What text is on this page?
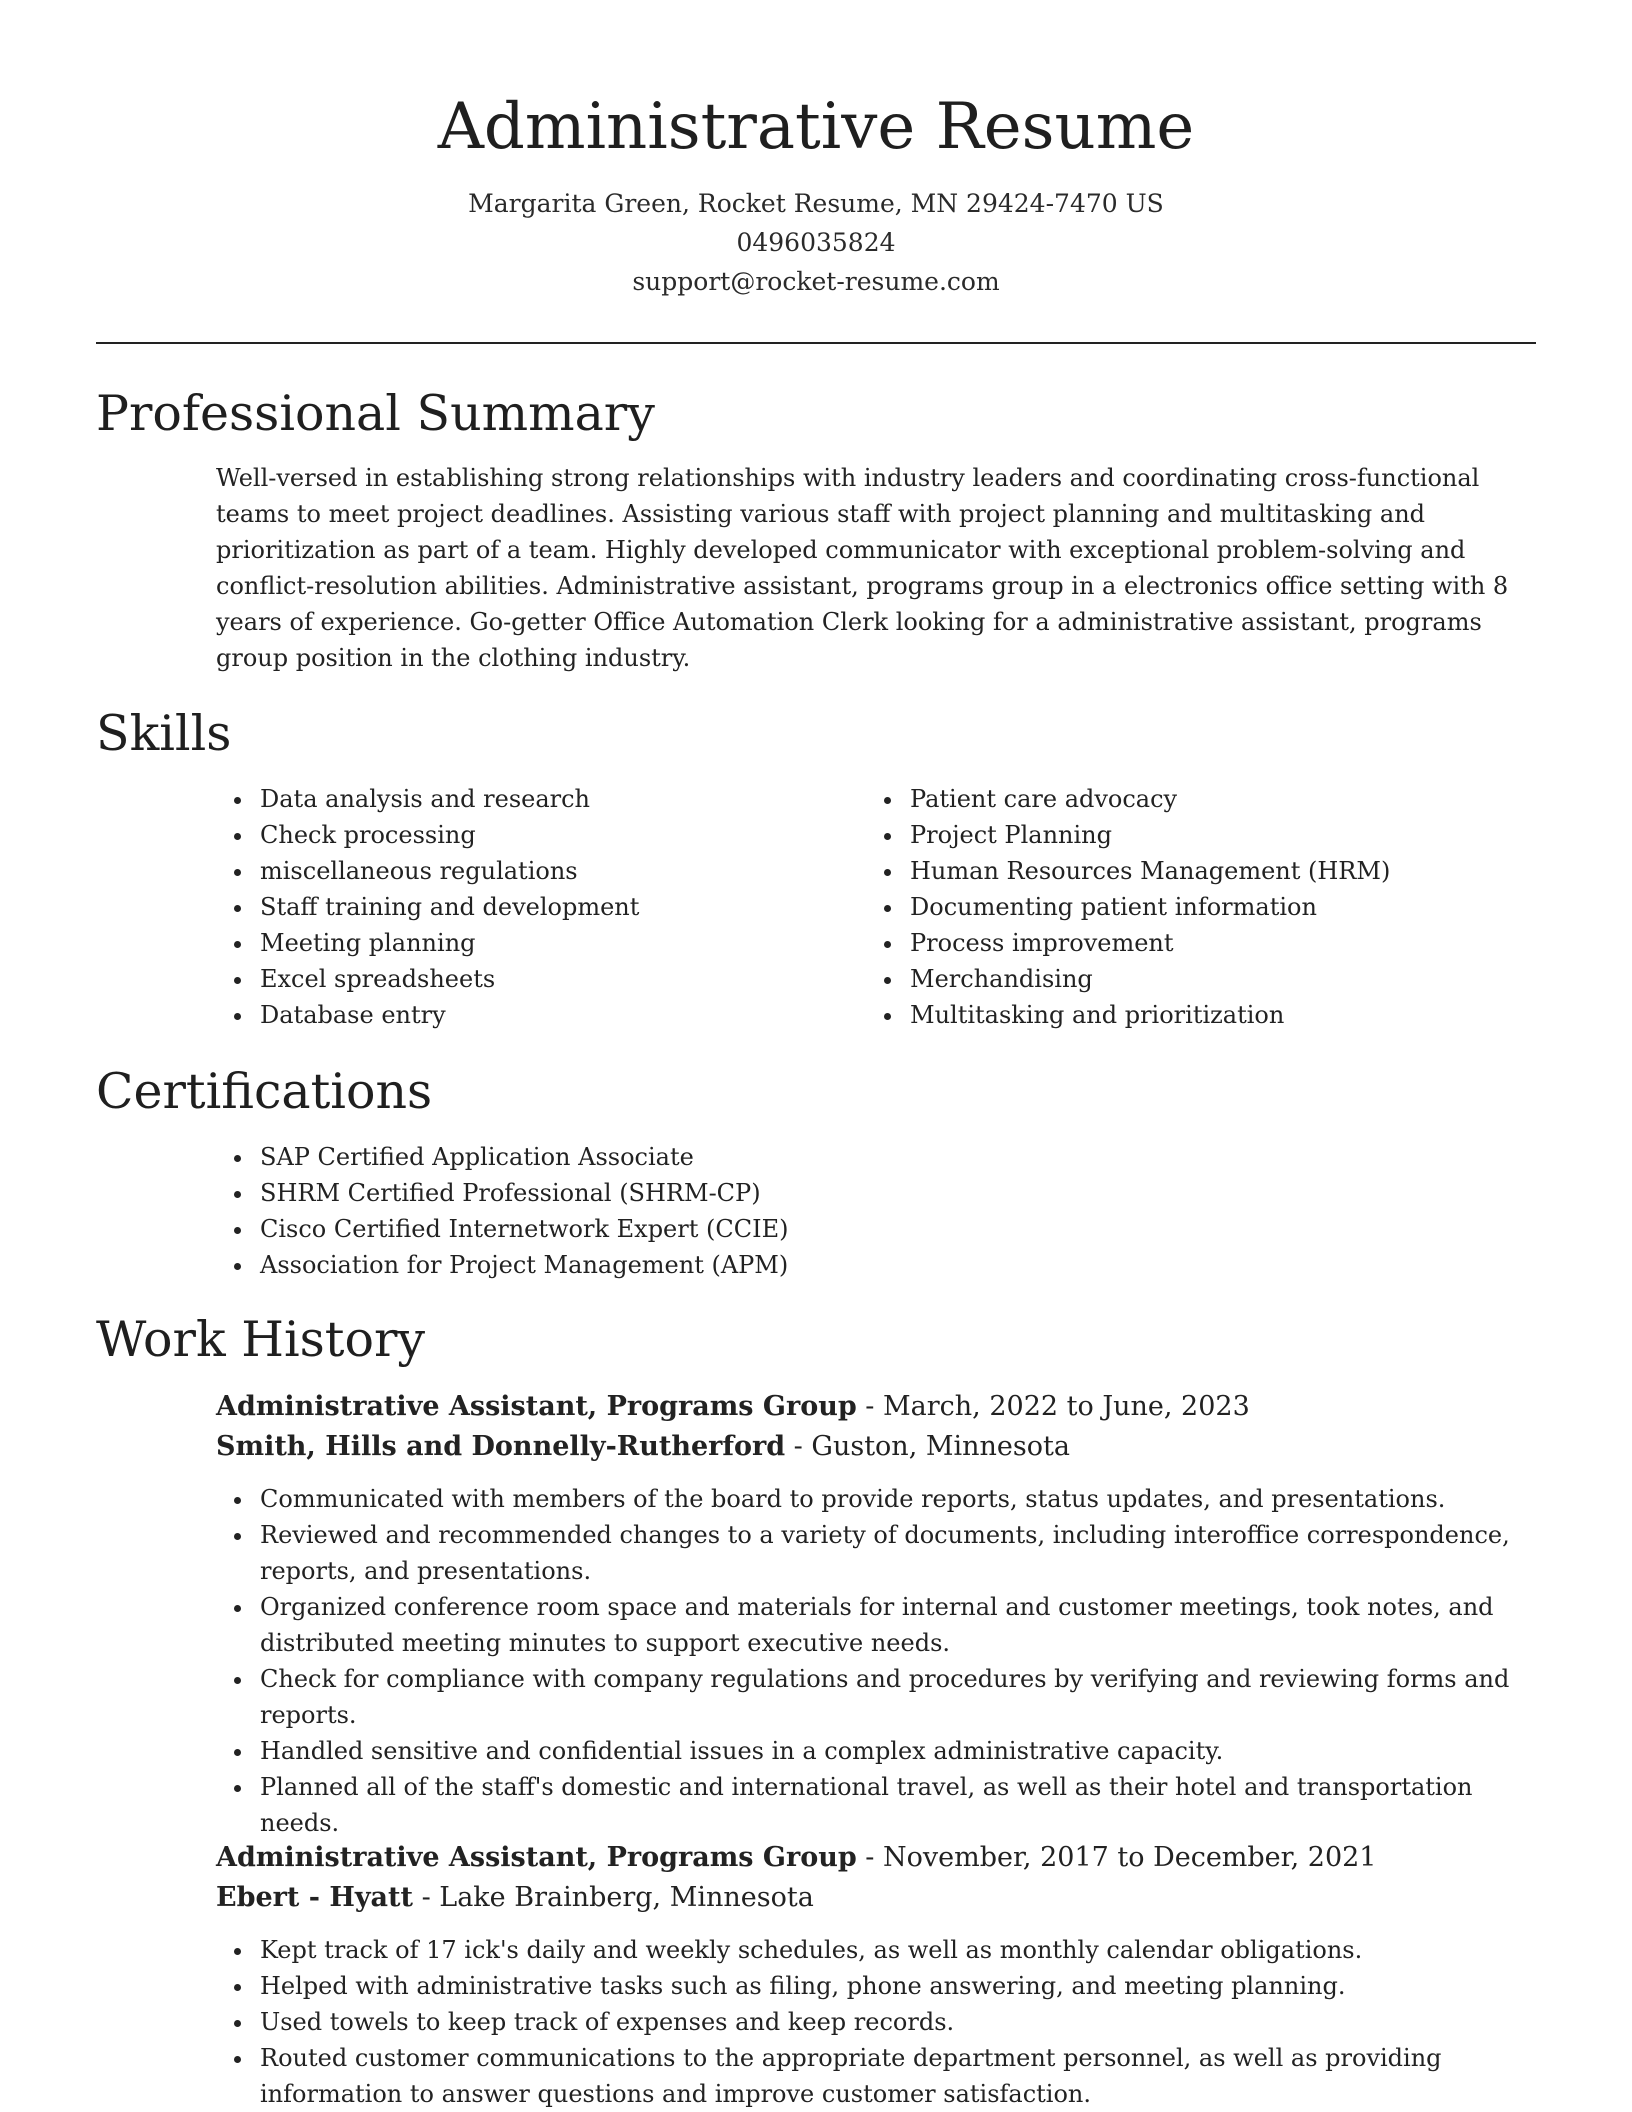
Administrative Resume
Margarita Green, Rocket Resume, MN 29424-7470 US
0496035824
support@rocket-resume.com
Professional Summary

Well-versed in establishing strong relationships with industry leaders and coordinating cross-functional teams to meet project deadlines. Assisting various staff with project planning and multitasking and prioritization as part of a team. Highly developed communicator with exceptional problem-solving and conflict-resolution abilities. Administrative assistant, programs group in a electronics office setting with 8 years of experience. Go-getter Office Automation Clerk looking for a administrative assistant, programs group position in the clothing industry.

Skills
Data analysis and research
Check processing
miscellaneous regulations
Staff training and development
Meeting planning
Excel spreadsheets
Database entry
Patient care advocacy
Project Planning
Human Resources Management (HRM)
Documenting patient information
Process improvement
Merchandising
Multitasking and prioritization
Certifications
SAP Certified Application Associate
SHRM Certified Professional (SHRM-CP)
Cisco Certified Internetwork Expert (CCIE)
Association for Project Management (APM)
Work History
Administrative Assistant, Programs Group - March, 2022 to June, 2023
Smith, Hills and Donnelly-Rutherford - Guston, Minnesota
Communicated with members of the board to provide reports, status updates, and presentations.
Reviewed and recommended changes to a variety of documents, including interoffice correspondence, reports, and presentations.
Organized conference room space and materials for internal and customer meetings, took notes, and distributed meeting minutes to support executive needs.
Check for compliance with company regulations and procedures by verifying and reviewing forms and reports.
Handled sensitive and confidential issues in a complex administrative capacity.
Planned all of the staff's domestic and international travel, as well as their hotel and transportation needs.
Administrative Assistant, Programs Group - November, 2017 to December, 2021
Ebert - Hyatt - Lake Brainberg, Minnesota
Kept track of 17 ick's daily and weekly schedules, as well as monthly calendar obligations.
Helped with administrative tasks such as filing, phone answering, and meeting planning.
Used towels to keep track of expenses and keep records.
Routed customer communications to the appropriate department personnel, as well as providing information to answer questions and improve customer satisfaction.
